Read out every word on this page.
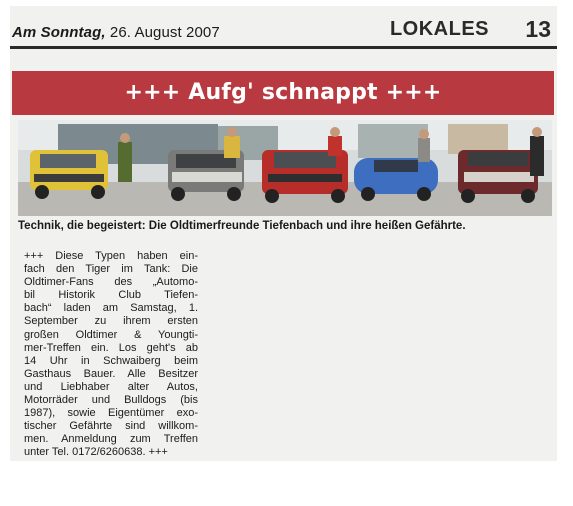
Am Sonntag, 26. August 2007	LOKALES 13
+++ Aufg' schnappt +++
Technik, die begeistert: Die Oldtimerfreunde Tiefenbach und ihre heißen Gefährte.
+++ Diese Typen haben ein-
fach den Tiger im Tank: Die
Oldtimer-Fans des „Automo-
bil Historik Club Tiefen-
bach“ laden am Samstag, 1.
September zu ihrem ersten
großen Oldtimer & Youngti-
mer-Treffen ein. Los geht's ab
14 Uhr in Schwaiberg beim
Gasthaus Bauer. Alle Besitzer
und Liebhaber alter Autos,
Motorräder und Bulldogs (bis
1987), sowie Eigentümer exo-
tischer Gefährte sind willkom-
men. Anmeldung zum Treffen
unter Tel. 0172/6260638. +++
